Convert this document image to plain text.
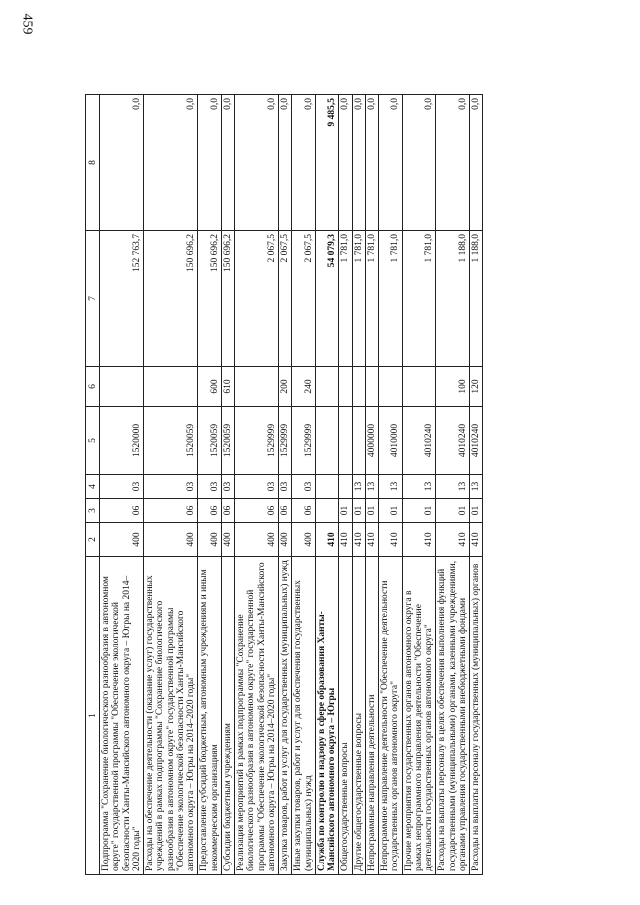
459
1	2	3	4	5	6	7	8
Подпрограмма "Сохранение биологического разнообразия в автономном округе" государственной программы "Обеспечение экологической безопасности Ханты-Мансийского автономного округа – Югры на 2014–2020 годы"	400	06	03	1520000		152 763,7	0,0
Расходы на обеспечение деятельности (оказание услуг) государственных учреждений в рамках подпрограммы "Сохранение биологического разнообразия в автономном округе" государственной программы "Обеспечение экологической безопасности Ханты-Мансийского автономного округа – Югры на 2014–2020 годы"	400	06	03	1520059		150 696,2	0,0
Предоставление субсидий бюджетным, автономным учреждениям и иным некоммерческим организациям	400	06	03	1520059	600	150 696,2	0,0
Субсидии бюджетным учреждениям	400	06	03	1520059	610	150 696,2	0,0
Реализация мероприятий в рамках подпрограммы "Сохранение биологического разнообразия в автономном округе" государственной программы "Обеспечение экологической безопасности Ханты-Мансийского автономного округа – Югры на 2014–2020 годы"	400	06	03	1529999		2 067,5	0,0
Закупка товаров, работ и услуг для государственных (муниципальных) нужд	400	06	03	1529999	200	2 067,5	0,0
Иные закупки товаров, работ и услуг для обеспечения государственных (муниципальных) нужд	400	06	03	1529999	240	2 067,5	0,0
Служба по контролю и надзору в сфере образования Ханты-Мансийского автономного округа – Югры	410					54 079,3	9 485,5
Общегосударственные вопросы	410	01				1 781,0	0,0
Другие общегосударственные вопросы	410	01	13			1 781,0	0,0
Непрограммные направления деятельности	410	01	13	4000000		1 781,0	0,0
Непрограммное направление деятельности "Обеспечение деятельности государственных органов автономного округа"	410	01	13	4010000		1 781,0	0,0
Прочие мероприятия государственных органов автономного округа в рамках непрограммного направления деятельности "Обеспечение деятельности государственных органов автономного округа"	410	01	13	4010240		1 781,0	0,0
Расходы на выплаты персоналу в целях обеспечения выполнения функций государственными (муниципальными) органами, казенными учреждениями, органами управления государственными внебюджетными фондами	410	01	13	4010240	100	1 188,0	0,0
Расходы на выплаты персоналу государственных (муниципальных) органов	410	01	13	4010240	120	1 188,0	0,0
